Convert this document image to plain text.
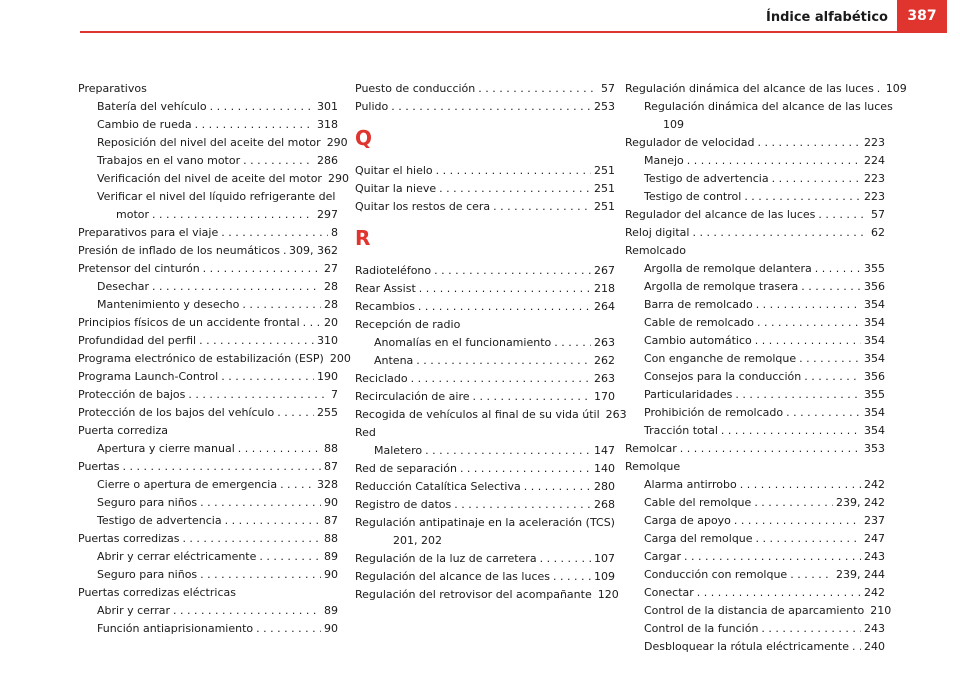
Índice alfabético	387
Preparativos
Batería del vehículo . . .	301
Cambio de rueda . . .	318
Reposición del nivel del aceite del motor 290
Trabajos en el vano motor . . .	286
Verificación del nivel de aceite del motor 290
Verificar el nivel del líquido refrigerante del
motor . . .	297
Preparativos para el viaje . . .	8
Presión de inflado de los neumáticos . . . 309, 362
Pretensor del cinturón . . .	27
Desechar . . .	28
Mantenimiento y desecho . . .	28
Principios físicos de un accidente frontal . . . 20
Profundidad del perfil . . .	310
Programa electrónico de estabilización (ESP) 200
Programa Launch-Control . . .	190
Protección de bajos . . .	7
Protección de los bajos del vehículo . . .	255
Puerta corrediza
Apertura y cierre manual . . .	88
Puertas . . .	87
Cierre o apertura de emergencia . . .	328
Seguro para niños . . .	90
Testigo de advertencia . . .	87
Puertas corredizas . . .	88
Abrir y cerrar eléctricamente . . .	89
Seguro para niños . . .	90
Puertas corredizas eléctricas
Abrir y cerrar . . .	89
Función antiaprisionamiento . . .	90
Puesto de conducción . . .	57
Pulido . . .	253
Q
Quitar el hielo . . .	251
Quitar la nieve . . .	251
Quitar los restos de cera . . .	251
R
Radioteléfono . . .	267
Rear Assist . . .	218
Recambios . . .	264
Recepción de radio
Anomalías en el funcionamiento . . .	263
Antena . . .	262
Reciclado . . .	263
Recirculación de aire . . .	170
Recogida de vehículos al final de su vida útil 263
Red
Maletero . . .	147
Red de separación . . .	140
Reducción Catalítica Selectiva . . .	280
Registro de datos . . .	268
Regulación antipatinaje en la aceleración (TCS)
201, 202
Regulación de la luz de carretera . . .	107
Regulación del alcance de las luces . . .	109
Regulación del retrovisor del acompañante 120
Regulación dinámica del alcance de las luces . . . 109
Regulación dinámica del alcance de las luces
109
Regulador de velocidad . . .	223
Manejo . . .	224
Testigo de advertencia . . .	223
Testigo de control . . .	223
Regulador del alcance de las luces . . .	57
Reloj digital . . .	62
Remolcado
Argolla de remolque delantera . . .	355
Argolla de remolque trasera . . .	356
Barra de remolcado . . .	354
Cable de remolcado . . .	354
Cambio automático . . .	354
Con enganche de remolque . . .	354
Consejos para la conducción . . .	356
Particularidades . . .	355
Prohibición de remolcado . . .	354
Tracción total . . .	354
Remolcar . . .	353
Remolque
Alarma antirrobo . . .	242
Cable del remolque . . .	239, 242
Carga de apoyo . . .	237
Carga del remolque . . .	247
Cargar . . .	243
Conducción con remolque . . .	239, 244
Conectar . . .	242
Control de la distancia de aparcamiento 210
Control de la función . . .	243
Desbloquear la rótula eléctricamente . . . 240
